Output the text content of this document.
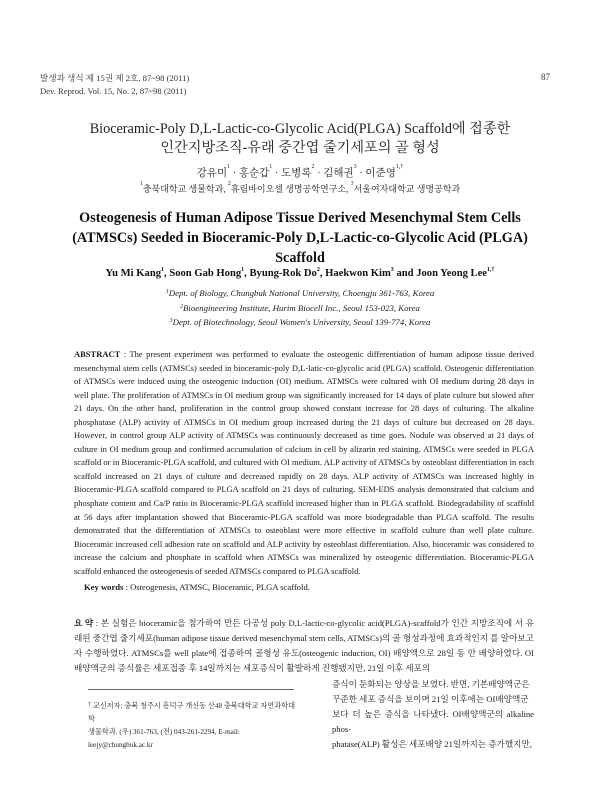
발생과 생식 제 15권 제 2호, 87~98 (2011)
Dev. Reprod. Vol. 15, No. 2, 87~98 (2011)
87
Bioceramic-Poly D,L-Lactic-co-Glycolic Acid(PLGA) Scaffold에 접종한
인간지방조직-유래 중간엽 줄기세포의 골 형성
강유미$^1$ · 홍순갑$^1$ · 도병록$^2$ · 김해권$^3$ · 이준영$^{1,\dagger}$
$^1$충북대학교 생물학과, $^2$휴림바이오셀 생명공학연구소, $^3$서울여자대학교 생명공학과
Osteogenesis of Human Adipose Tissue Derived Mesenchymal Stem Cells
(ATMSCs) Seeded in Bioceramic-Poly D,L-Lactic-co-Glycolic Acid (PLGA)
Scaffold
Yu Mi Kang$^1$, Soon Gab Hong$^1$, Byung-Rok Do$^2$, Haekwon Kim$^3$ and Joon Yeong Lee$^{1,\dagger}$
$^1$Dept. of Biology, Chungbuk National University, Choengju 361-763, Korea
$^2$Bioengineering Institute, Hurim Biocell Inc., Seoul 153-023, Korea
$^3$Dept. of Biotechnology, Seoul Women's University, Seoul 139-774, Korea
ABSTRACT : The present experiment was performed to evaluate the osteogenic differentiation of human adipose tissue derived mesenchymal stem cells (ATMSCs) seeded in bioceramic-poly D,L-latic-co-glycolic acid (PLGA) scaffold. Osteogenic differentiation of ATMSCs were induced using the osteogenic induction (OI) medium. ATMSCs were cultured with OI medium during 28 days in well plate. The proliferation of ATMSCs in OI medium group was significantly increased for 14 days of plate culture but slowed after 21 days. On the other hand, proliferation in the control group showed constant increase for 28 days of culturing. The alkaline phosphatase (ALP) activity of ATMSCs in OI medium group increased during the 21 days of culture but decreased on 28 days. However, in control group ALP activity of ATMSCs was continuously decreased as time goes. Nodule was observed at 21 days of culture in OI medium group and confirmed accumulation of calcium in cell by alizarin red staining. ATMSCs were seeded in PLGA scaffold or in Bioceramic-PLGA scaffold, and cultured with OI medium. ALP activity of ATMSCs by osteoblast differentiation in each scaffold increased on 21 days of culture and decreased rapidly on 28 days. ALP activity of ATMSCs was increased highly in Bioceramic-PLGA scaffold compared to PLGA scaffold on 21 days of culturing. SEM-EDS analysis demonstrated that calcium and phosphate content and Ca/P ratio in Bioceramic-PLGA scaffold increased higher than in PLGA scaffold. Biodegradability of scaffold at 56 days after implantation showed that Bioceramic-PLGA scaffold was more biodegradable than PLGA scaffold. The results demonstrated that the differentiation of ATMSCs to osteoblast were more effective in scaffold culture than well plate culture. Bioceramic increased cell adhesion rate on scaffold and ALP activity by osteoblast differentiation. Also, bioceramic was considered to increase the calcium and phosphate in scaffold when ATMSCs was mineralized by osteogenic differentiation. Bioceramic-PLGA scaffold enhanced the osteogenesis of seeded ATMSCs compared to PLGA scaffold.
Key words : Osteogenesis, ATMSC, Bioceramic, PLGA scaffold.
요 약 : 본 실험은 bioceramic을 첨가하여 만든 다공성 poly D,L-lactic-co-glycolic acid(PLGA)-scaffold가 인간 지방조직에 서 유래된 중간엽 줄기세포(human adipose tissue derived mesenchymal stem cells, ATMSCs)의 골 형성과정에 효과적인지 를 알아보고자 수행하였다. ATMSCs를 well plate에 접종하여 골형성 유도(osteogenic induction, OI) 배양액으로 28일 동 안 배양하였다. OI배양액군의 증식률은 세포접종 후 14일까지는 세포증식이 활발하게 진행됐지만, 21일 이후 세포의
증식이 둔화되는 양상을 보였다. 반면, 기본배양액군은
꾸준한 세포 증식을 보이며 21일 이후에는 OI배양액군
보다 더 높은 증식을 나타냈다. OI배양액군의 alkaline phos-
phatase(ALP) 활성은 세포배양 21일까지는 증가했지만,
† 교신저자: 충북 청주시 흥덕구 개신동 산48 충북대학교 자연과학대학
생물학과. (우) 361-763, (전) 043-261-2294, E-mail: leejy@chungbuk.ac.kr
